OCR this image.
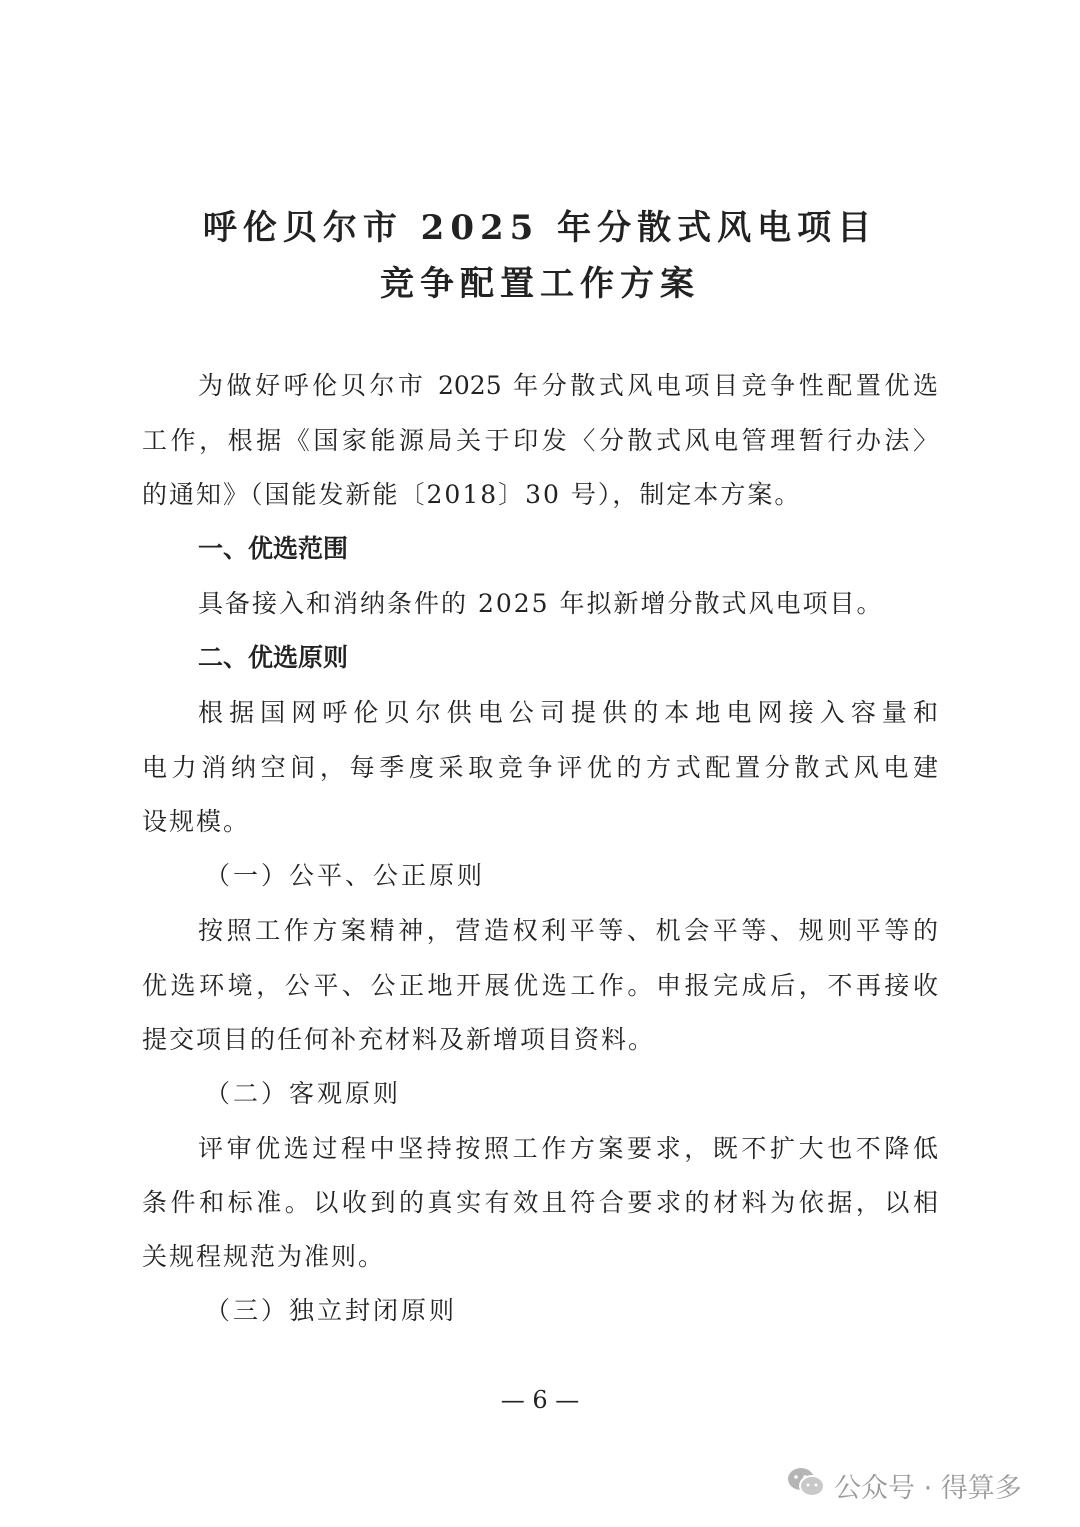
呼伦贝尔市 2025 年分散式风电项目
竞争配置工作方案
为做好呼伦贝尔市 2025 年分散式风电项目竞争性配置优选
工作，根据《国家能源局关于印发〈分散式风电管理暂行办法〉
的通知》（国能发新能〔2018〕30 号），制定本方案。
一、优选范围
具备接入和消纳条件的 2025 年拟新增分散式风电项目。
二、优选原则
根据国网呼伦贝尔供电公司提供的本地电网接入容量和
电力消纳空间，每季度采取竞争评优的方式配置分散式风电建
设规模。
（一）公平、公正原则
按照工作方案精神，营造权利平等、机会平等、规则平等的
优选环境，公平、公正地开展优选工作。申报完成后，不再接收
提交项目的任何补充材料及新增项目资料。
（二）客观原则
评审优选过程中坚持按照工作方案要求，既不扩大也不降低
条件和标准。以收到的真实有效且符合要求的材料为依据，以相
关规程规范为准则。
（三）独立封闭原则
— 6 —
公众号 · 得算多
